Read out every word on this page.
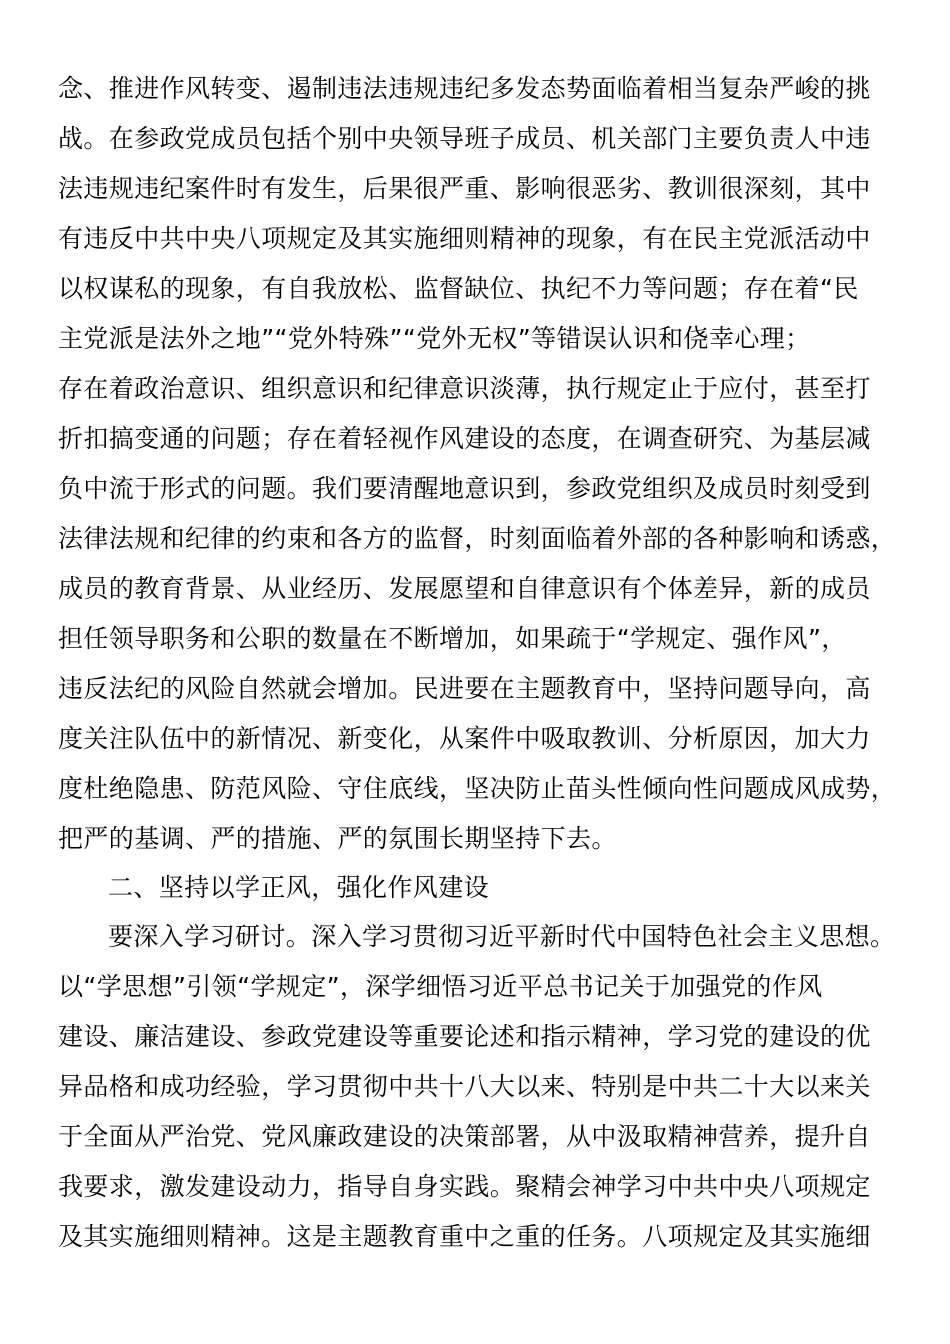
念、推进作风转变、遏制违法违规违纪多发态势面临着相当复杂严峻的挑
战。在参政党成员包括个别中央领导班子成员、机关部门主要负责人中违
法违规违纪案件时有发生，后果很严重、影响很恶劣、教训很深刻，其中
有违反中共中央八项规定及其实施细则精神的现象，有在民主党派活动中
以权谋私的现象，有自我放松、监督缺位、执纪不力等问题；存在着“民
主党派是法外之地”“党外特殊”“党外无权”等错误认识和侥幸心理；
存在着政治意识、组织意识和纪律意识淡薄，执行规定止于应付，甚至打
折扣搞变通的问题；存在着轻视作风建设的态度，在调查研究、为基层减
负中流于形式的问题。我们要清醒地意识到，参政党组织及成员时刻受到
法律法规和纪律的约束和各方的监督，时刻面临着外部的各种影响和诱惑，
成员的教育背景、从业经历、发展愿望和自律意识有个体差异，新的成员
担任领导职务和公职的数量在不断增加，如果疏于“学规定、强作风”，
违反法纪的风险自然就会增加。民进要在主题教育中，坚持问题导向，高
度关注队伍中的新情况、新变化，从案件中吸取教训、分析原因，加大力
度杜绝隐患、防范风险、守住底线，坚决防止苗头性倾向性问题成风成势，
把严的基调、严的措施、严的氛围长期坚持下去。
二、坚持以学正风，强化作风建设
要深入学习研讨。深入学习贯彻习近平新时代中国特色社会主义思想。
以“学思想”引领“学规定”，深学细悟习近平总书记关于加强党的作风
建设、廉洁建设、参政党建设等重要论述和指示精神，学习党的建设的优
异品格和成功经验，学习贯彻中共十八大以来、特别是中共二十大以来关
于全面从严治党、党风廉政建设的决策部署，从中汲取精神营养，提升自
我要求，激发建设动力，指导自身实践。聚精会神学习中共中央八项规定
及其实施细则精神。这是主题教育重中之重的任务。八项规定及其实施细
